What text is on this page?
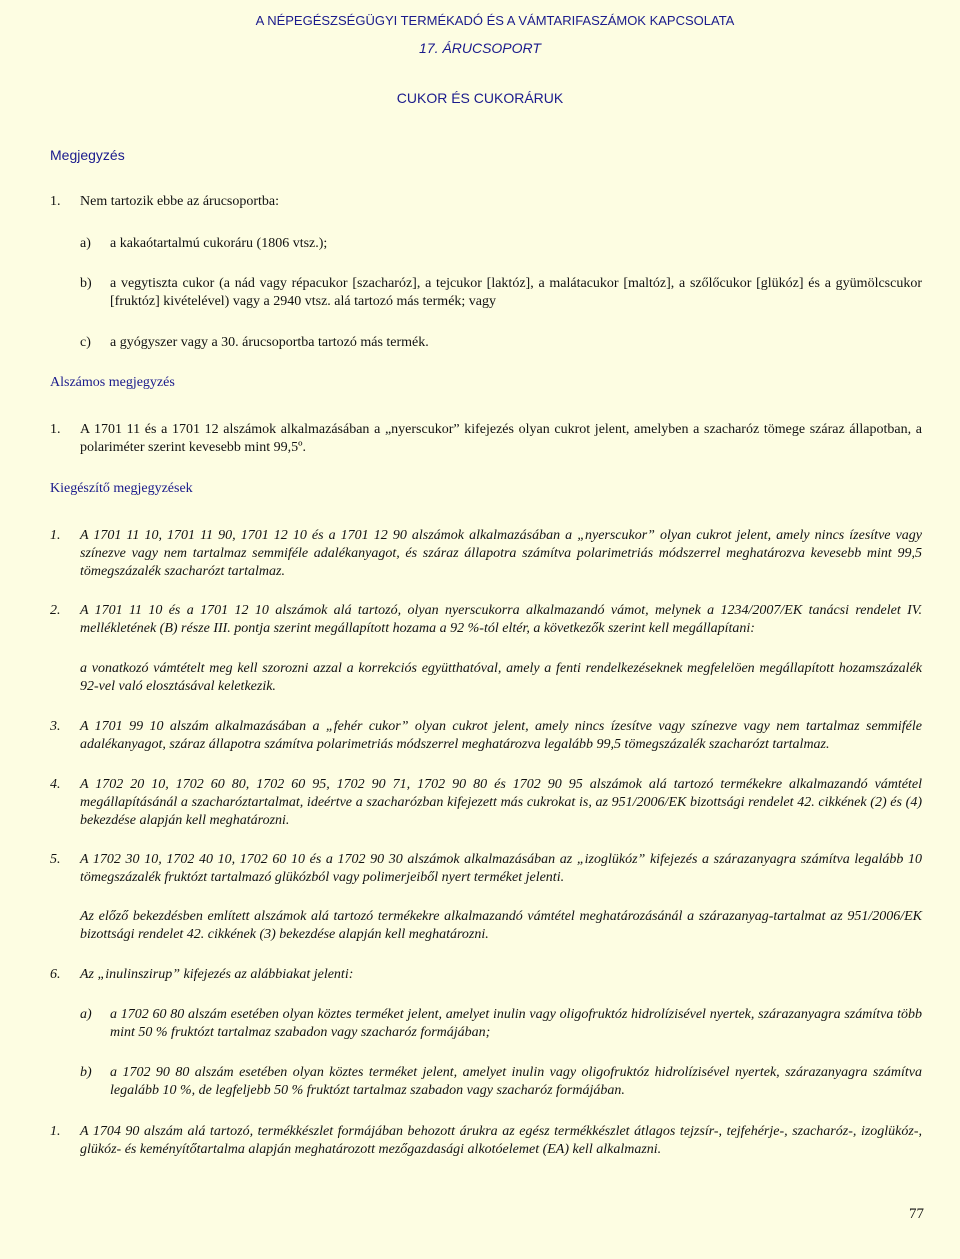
A NÉPEGÉSZSÉGÜGYI TERMÉKADÓ ÉS A VÁMTARIFASZÁMOK KAPCSOLATA
17. ÁRUCSOPORT
CUKOR ÉS CUKORÁRUK
Megjegyzés
1. Nem tartozik ebbe az árucsoportba:
a) a kakaótartalmú cukoráru (1806 vtsz.);
b) a vegytiszta cukor (a nád vagy répacukor [szacharóz], a tejcukor [laktóz], a malátacukor [maltóz], a szőlőcukor [glükóz] és a gyümölcscukor [fruktóz] kivételével) vagy a 2940 vtsz. alá tartozó más termék; vagy
c) a gyógyszer vagy a 30. árucsoportba tartozó más termék.
Alszámos megjegyzés
1. A 1701 11 és a 1701 12 alszámok alkalmazásában a „nyerscukor” kifejezés olyan cukrot jelent, amelyben a szacharóz tömege száraz állapotban, a polariméter szerint kevesebb mint 99,5º.
Kiegészítő megjegyzések
1. A 1701 11 10, 1701 11 90, 1701 12 10 és a 1701 12 90 alszámok alkalmazásában a „nyerscukor” olyan cukrot jelent, amely nincs ízesítve vagy színezve vagy nem tartalmaz semmiféle adalékanyagot, és száraz állapotra számítva polarimetriás módszerrel meghatározva kevesebb mint 99,5 tömegszázalék szacharózt tartalmaz.
2. A 1701 11 10 és a 1701 12 10 alszámok alá tartozó, olyan nyerscukorra alkalmazandó vámot, melynek a 1234/2007/EK tanácsi rendelet IV. mellékletének (B) része III. pontja szerint megállapított hozama a 92 %-tól eltér, a következők szerint kell megállapítani:
a vonatkozó vámtételt meg kell szorozni azzal a korrekciós együtthatóval, amely a fenti rendelkezéseknek megfelelöen megállapított hozamszázalék 92-vel való elosztásával keletkezik.
3. A 1701 99 10 alszám alkalmazásában a „fehér cukor” olyan cukrot jelent, amely nincs ízesítve vagy színezve vagy nem tartalmaz semmiféle adalékanyagot, száraz állapotra számítva polarimetriás módszerrel meghatározva legalább 99,5 tömegszázalék szacharózt tartalmaz.
4. A 1702 20 10, 1702 60 80, 1702 60 95, 1702 90 71, 1702 90 80 és 1702 90 95 alszámok alá tartozó termékekre alkalmazandó vámtétel megállapításánál a szacharóztartalmat, ideértve a szacharózban kifejezett más cukrokat is, az 951/2006/EK bizottsági rendelet 42. cikkének (2) és (4) bekezdése alapján kell meghatározni.
5. A 1702 30 10, 1702 40 10, 1702 60 10 és a 1702 90 30 alszámok alkalmazásában az „izoglükóz” kifejezés a szárazanyagra számítva legalább 10 tömegszázalék fruktózt tartalmazó glükózból vagy polimerjeiből nyert terméket jelenti.
Az előző bekezdésben említett alszámok alá tartozó termékekre alkalmazandó vámtétel meghatározásánál a szárazanyag-tartalmat az 951/2006/EK bizottsági rendelet 42. cikkének (3) bekezdése alapján kell meghatározni.
6. Az „inulinszirup” kifejezés az alábbiakat jelenti:
a) a 1702 60 80 alszám esetében olyan köztes terméket jelent, amelyet inulin vagy oligofruktóz hidrolízisével nyertek, szárazanyagra számítva több mint 50 % fruktózt tartalmaz szabadon vagy szacharóz formájában;
b) a 1702 90 80 alszám esetében olyan köztes terméket jelent, amelyet inulin vagy oligofruktóz hidrolízisével nyertek, szárazanyagra számítva legalább 10 %, de legfeljebb 50 % fruktózt tartalmaz szabadon vagy szacharóz formájában.
1. A 1704 90 alszám alá tartozó, termékkészlet formájában behozott árukra az egész termékkészlet átlagos tejzsír-, tejfehérje-, szacharóz-, izoglükóz-, glükóz- és keményítőtartalma alapján meghatározott mezőgazdasági alkotóelemet (EA) kell alkalmazni.
77
